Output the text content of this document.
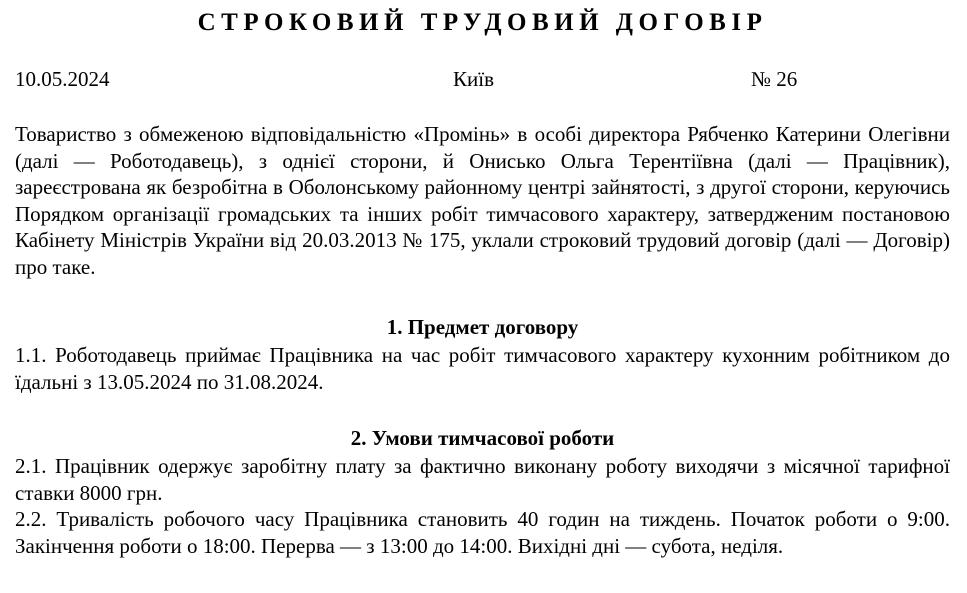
СТРОКОВИЙ ТРУДОВИЙ ДОГОВІР
10.05.2024	Київ	№ 26

Товариство з обмеженою відповідальністю «Промінь» в особі директора Рябченко Катерини Олегівни (далі — Роботодавець), з однієї сторони, й Онисько Ольга Терентіївна (далі — Працівник), зареєстрована як безробітна в Оболонському районному центрі зайнятості, з другої сторони, керуючись Порядком організації громадських та інших робіт тимчасового характеру, затвердженим постановою Кабінету Міністрів України від 20.03.2013 № 175, уклали строковий трудовий договір (далі — Договір) про таке.

1. Предмет договору

1.1. Роботодавець приймає Працівника на час робіт тимчасового характеру кухонним робітником до їдальні з 13.05.2024 по 31.08.2024.

2. Умови тимчасової роботи

2.1. Працівник одержує заробітну плату за фактично виконану роботу виходячи з місячної тарифної ставки 8000 грн.

2.2. Тривалість робочого часу Працівника становить 40 годин на тиждень. Початок роботи о 9:00. Закінчення роботи о 18:00. Перерва — з 13:00 до 14:00. Вихідні дні — субота, неділя.
